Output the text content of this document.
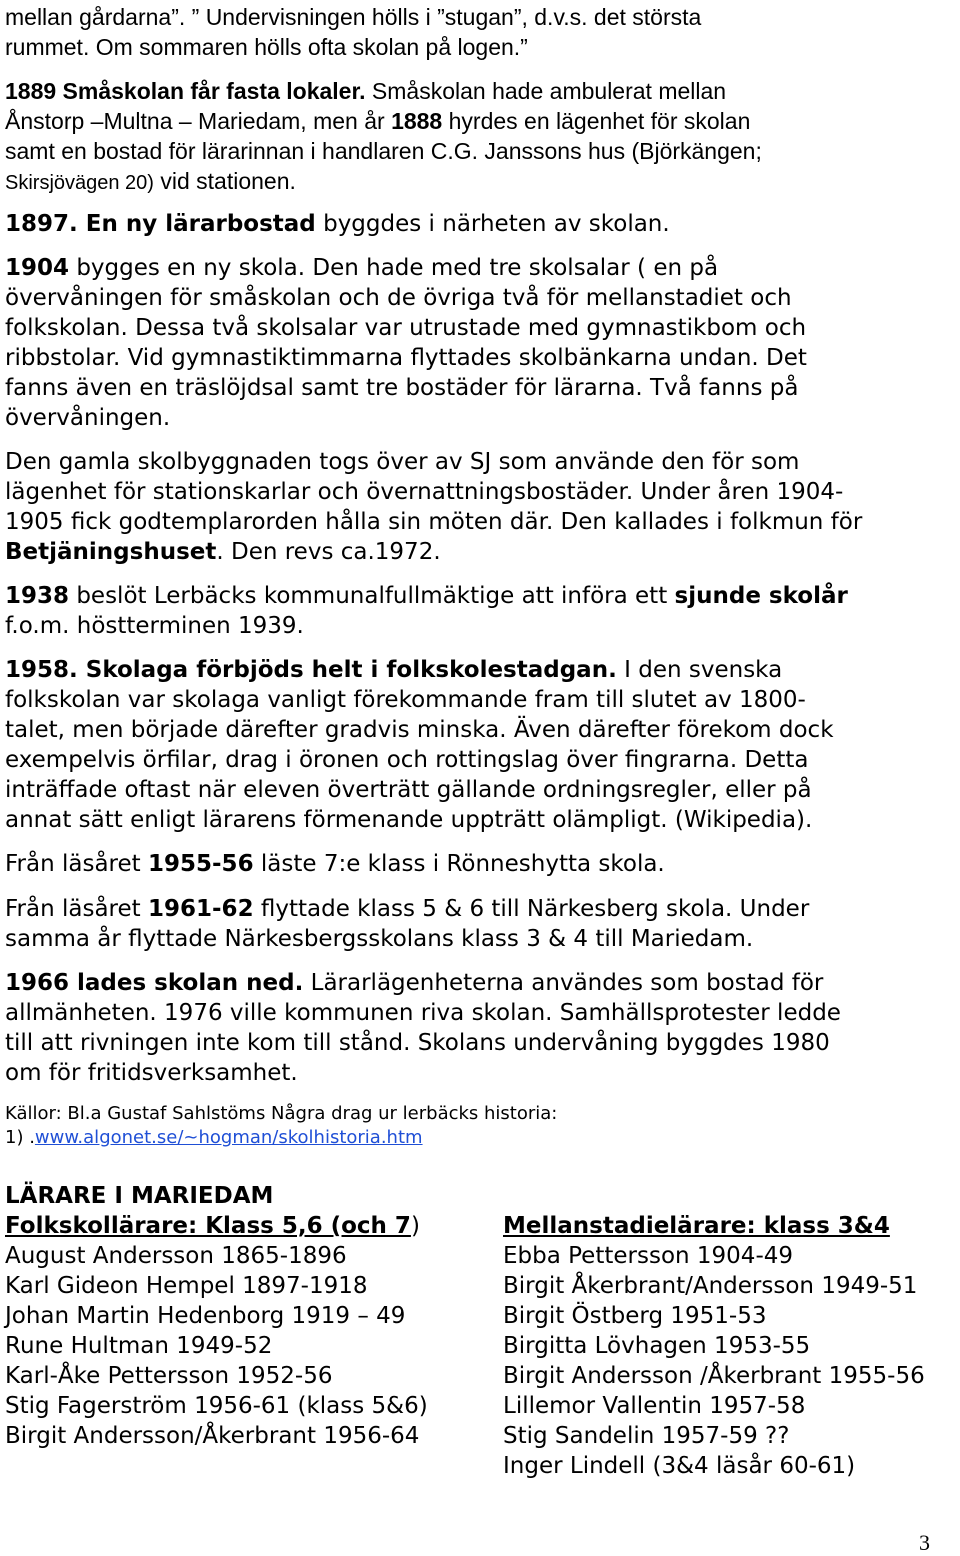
mellan gårdarna”. ” Undervisningen hölls i ”stugan”, d.v.s. det största
rummet. Om sommaren hölls ofta skolan på logen.”
1889 Småskolan får fasta lokaler. Småskolan hade ambulerat mellan
Ånstorp –Multna – Mariedam, men år 1888 hyrdes en lägenhet för skolan
samt en bostad för lärarinnan i handlaren C.G. Janssons hus (Björkängen;
Skirsjövägen 20) vid stationen.
1897. En ny lärarbostad byggdes i närheten av skolan.
1904 bygges en ny skola. Den hade med tre skolsalar ( en på
övervåningen för småskolan och de övriga två för mellanstadiet och
folkskolan. Dessa två skolsalar var utrustade med gymnastikbom och
ribbstolar. Vid gymnastiktimmarna flyttades skolbänkarna undan. Det
fanns även en träslöjdsal samt tre bostäder för lärarna. Två fanns på
övervåningen.
Den gamla skolbyggnaden togs över av SJ som använde den för som
lägenhet för stationskarlar och övernattningsbostäder. Under åren 1904-
1905 fick godtemplarorden hålla sin möten där. Den kallades i folkmun för
Betjäningshuset. Den revs ca.1972.
1938 beslöt Lerbäcks kommunalfullmäktige att införa ett sjunde skolår
f.o.m. höstterminen 1939.
1958. Skolaga förbjöds helt i folkskolestadgan. I den svenska
folkskolan var skolaga vanligt förekommande fram till slutet av 1800-
talet, men började därefter gradvis minska. Även därefter förekom dock
exempelvis örfilar, drag i öronen och rottingslag över fingrarna. Detta
inträffade oftast när eleven överträtt gällande ordningsregler, eller på
annat sätt enligt lärarens förmenande uppträtt olämpligt. (Wikipedia).
Från läsåret 1955-56 läste 7:e klass i Rönneshytta skola.
Från läsåret 1961-62 flyttade klass 5 & 6 till Närkesberg skola. Under
samma år flyttade Närkesbergsskolans klass 3 & 4 till Mariedam.
1966 lades skolan ned. Lärarlägenheterna användes som bostad för
allmänheten. 1976 ville kommunen riva skolan. Samhällsprotester ledde
till att rivningen inte kom till stånd. Skolans undervåning byggdes 1980
om för fritidsverksamhet.
Källor: Bl.a Gustaf Sahlstöms Några drag ur lerbäcks historia:
1) .www.algonet.se/~hogman/skolhistoria.htm
LÄRARE I MARIEDAM
Folkskollärare: Klass 5,6 (och 7)	Mellanstadielärare: klass 3&4
August Andersson 1865-1896
Karl Gideon Hempel 1897-1918
Johan Martin Hedenborg 1919 – 49
Rune Hultman 1949-52
Karl-Åke Pettersson 1952-56
Stig Fagerström 1956-61 (klass 5&6)
Birgit Andersson/Åkerbrant 1956-64
Ebba Pettersson 1904-49
Birgit Åkerbrant/Andersson 1949-51
Birgit Östberg 1951-53
Birgitta Lövhagen 1953-55
Birgit Andersson /Åkerbrant 1955-56
Lillemor Vallentin 1957-58
Stig Sandelin 1957-59 ??
Inger Lindell (3&4 läsår 60-61)
3
